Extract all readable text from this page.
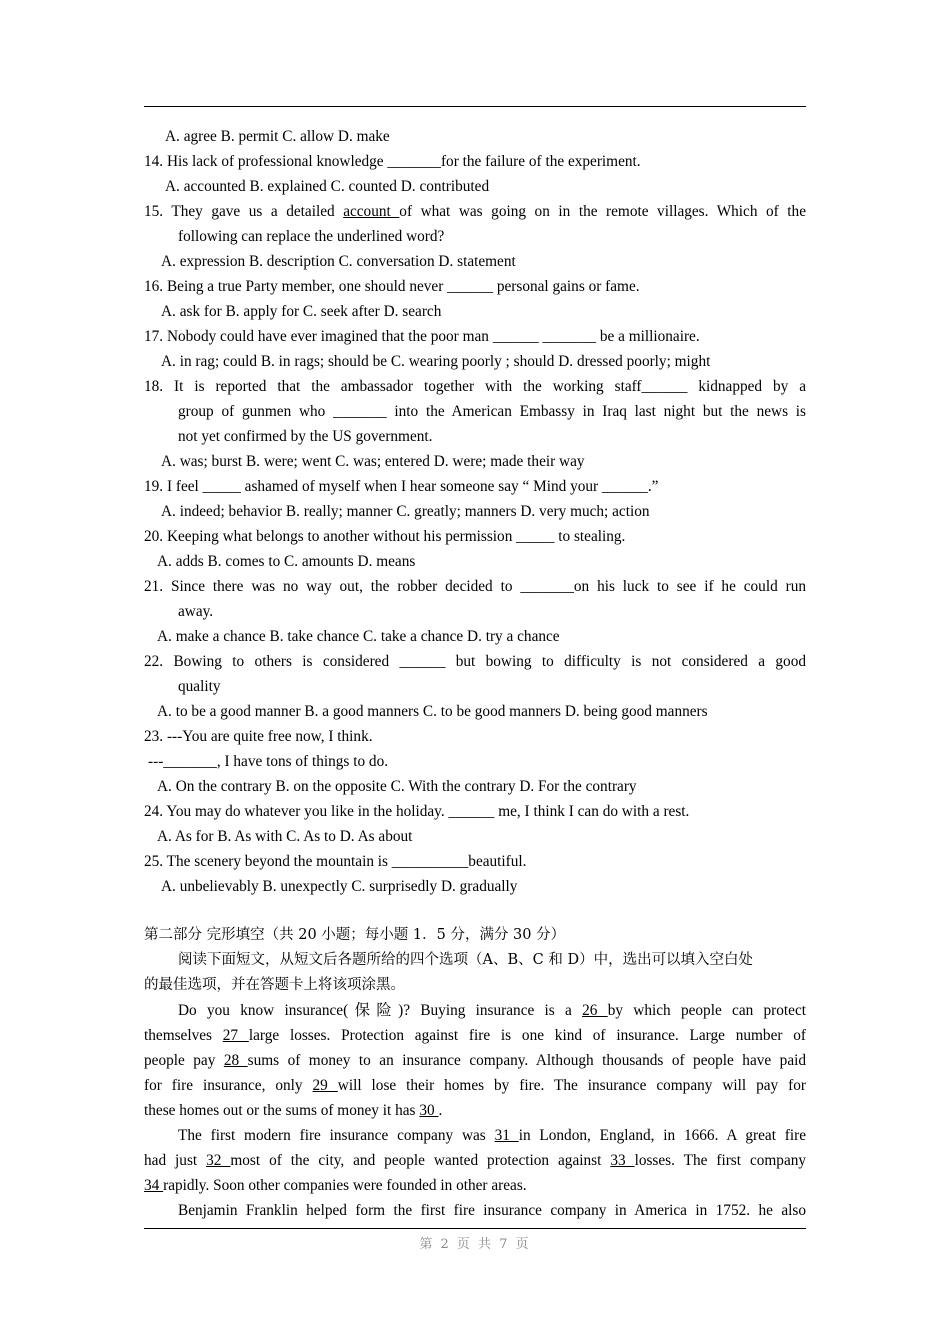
A. agree B. permit C. allow D. make
14. His lack of professional knowledge _______for the failure of the experiment.
A. accounted B. explained C. counted D. contributed
15. They gave us a detailed account of what was going on in the remote villages. Which of the
following can replace the underlined word?
A. expression B. description C. conversation D. statement
16. Being a true Party member, one should never ______ personal gains or fame.
A. ask for B. apply for C. seek after D. search
17. Nobody could have ever imagined that the poor man ______ _______ be a millionaire.
A. in rag; could B. in rags; should be C. wearing poorly ; should D. dressed poorly; might
18. It is reported that the ambassador together with the working staff______ kidnapped by a
group of gunmen who _______ into the American Embassy in Iraq last night but the news is
not yet confirmed by the US government.
A. was; burst B. were; went C. was; entered D. were; made their way
19. I feel _____ ashamed of myself when I hear someone say “ Mind your ______.”
A. indeed; behavior B. really; manner C. greatly; manners D. very much; action
20. Keeping what belongs to another without his permission _____ to stealing.
A. adds B. comes to C. amounts D. means
21. Since there was no way out, the robber decided to _______on his luck to see if he could run
away.
A. make a chance B. take chance C. take a chance D. try a chance
22. Bowing to others is considered ______ but bowing to difficulty is not considered a good
quality
A. to be a good manner B. a good manners C. to be good manners D. being good manners
23. ---You are quite free now, I think.
---_______, I have tons of things to do.
A. On the contrary B. on the opposite C. With the contrary D. For the contrary
24. You may do whatever you like in the holiday. ______ me, I think I can do with a rest.
A. As for B. As with C. As to D. As about
25. The scenery beyond the mountain is __________beautiful.
A. unbelievably B. unexpectly C. surprisedly D. gradually
第二部分 完形填空（共 20 小题；每小题 1．5 分，满分 30 分）
阅读下面短文，从短文后各题所给的四个选项（A、B、C 和 D）中，选出可以填入空白处
的最佳选项，并在答题卡上将该项涂黑。
Do you know insurance(保险)? Buying insurance is a 26 by which people can protect
themselves 27 large losses. Protection against fire is one kind of insurance. Large number of
people pay 28 sums of money to an insurance company. Although thousands of people have paid
for fire insurance, only 29 will lose their homes by fire. The insurance company will pay for
these homes out or the sums of money it has 30 .
The first modern fire insurance company was 31 in London, England, in 1666. A great fire
had just 32 most of the city, and people wanted protection against 33 losses. The first company
34 rapidly. Soon other companies were founded in other areas.
Benjamin Franklin helped form the first fire insurance company in America in 1752. he also
第 2 页 共 7 页
